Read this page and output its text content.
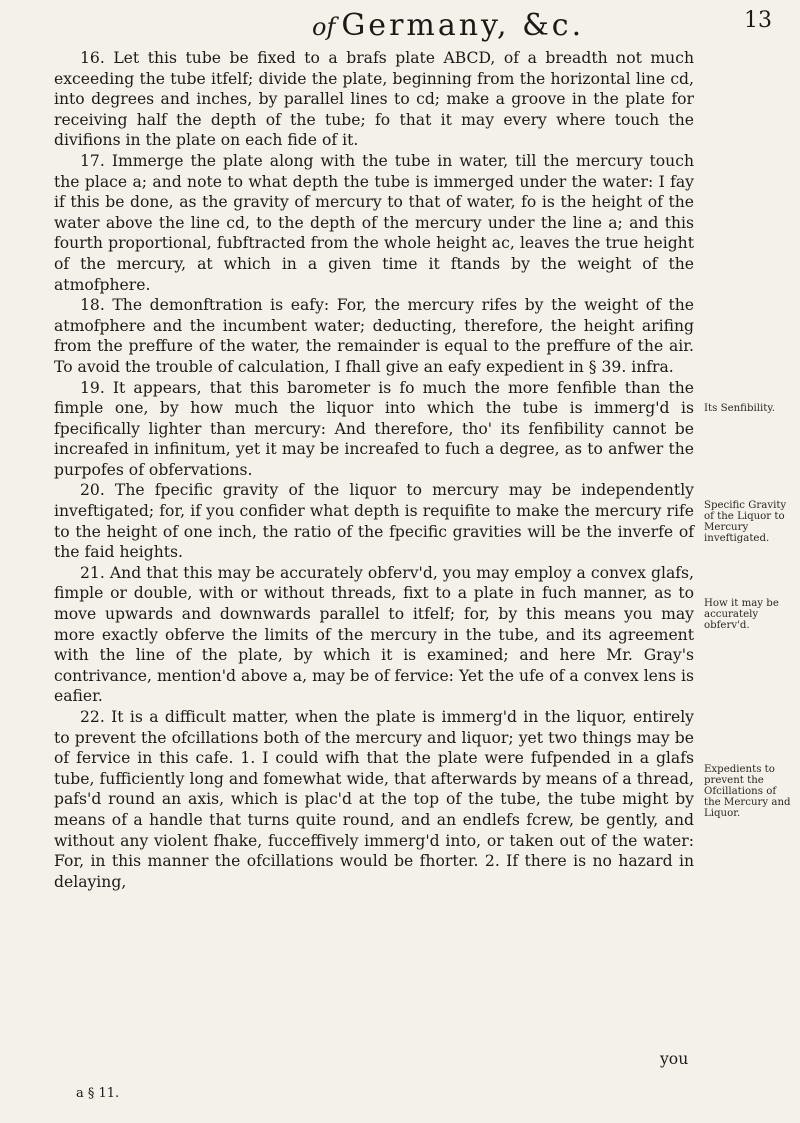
of Germany, &c.	13

16. Let this tube be fixed to a brafs plate ABCD, of a breadth not much exceeding the tube itfelf; divide the plate, beginning from the horizontal line cd, into degrees and inches, by parallel lines to cd; make a groove in the plate for receiving half the depth of the tube; fo that it may every where touch the divifions in the plate on each fide of it.

17. Immerge the plate along with the tube in water, till the mercury touch the place a; and note to what depth the tube is immerged under the water: I fay if this be done, as the gravity of mercury to that of water, fo is the height of the water above the line cd, to the depth of the mercury under the line a; and this fourth proportional, fubftracted from the whole height ac, leaves the true height of the mercury, at which in a given time it ftands by the weight of the atmofphere.

18. The demonftration is eafy: For, the mercury rifes by the weight of the atmofphere and the incumbent water; deducting, therefore, the height arifing from the preffure of the water, the remainder is equal to the preffure of the air. To avoid the trouble of calculation, I fhall give an eafy expedient in § 39. infra.

19. It appears, that this barometer is fo much the more fenfible than the fimple one, by how much the liquor into which the tube is immerg'd is fpecifically lighter than mercury: And therefore, tho' its fenfibility cannot be increafed in infinitum, yet it may be increafed to fuch a degree, as to anfwer the purpofes of obfervations.

20. The fpecific gravity of the liquor to mercury may be independently inveftigated; for, if you confider what depth is requifite to make the mercury rife to the height of one inch, the ratio of the fpecific gravities will be the inverfe of the faid heights.

21. And that this may be accurately obferv'd, you may employ a convex glafs, fimple or double, with or without threads, fixt to a plate in fuch manner, as to move upwards and downwards parallel to itfelf; for, by this means you may more exactly obferve the limits of the mercury in the tube, and its agreement with the line of the plate, by which it is examined; and here Mr. Gray's contrivance, mention'd above a, may be of fervice: Yet the ufe of a convex lens is eafier.

22. It is a difficult matter, when the plate is immerg'd in the liquor, entirely to prevent the ofcillations both of the mercury and liquor; yet two things may be of fervice in this cafe. 1. I could wifh that the plate were fufpended in a glafs tube, fufficiently long and fomewhat wide, that afterwards by means of a thread, pafs'd round an axis, which is plac'd at the top of the tube, the tube might by means of a handle that turns quite round, and an endlefs fcrew, be gently, and without any violent fhake, fucceffively immerg'd into, or taken out of the water: For, in this manner the ofcillations would be fhorter. 2. If there is no hazard in delaying,

Its Senfibility.
Specific Gravity of the Liquor to Mercury inveftigated.
How it may be accurately obferv'd.
Expedients to prevent the Ofcillations of the Mercury and Liquor.
you
a § 11.
